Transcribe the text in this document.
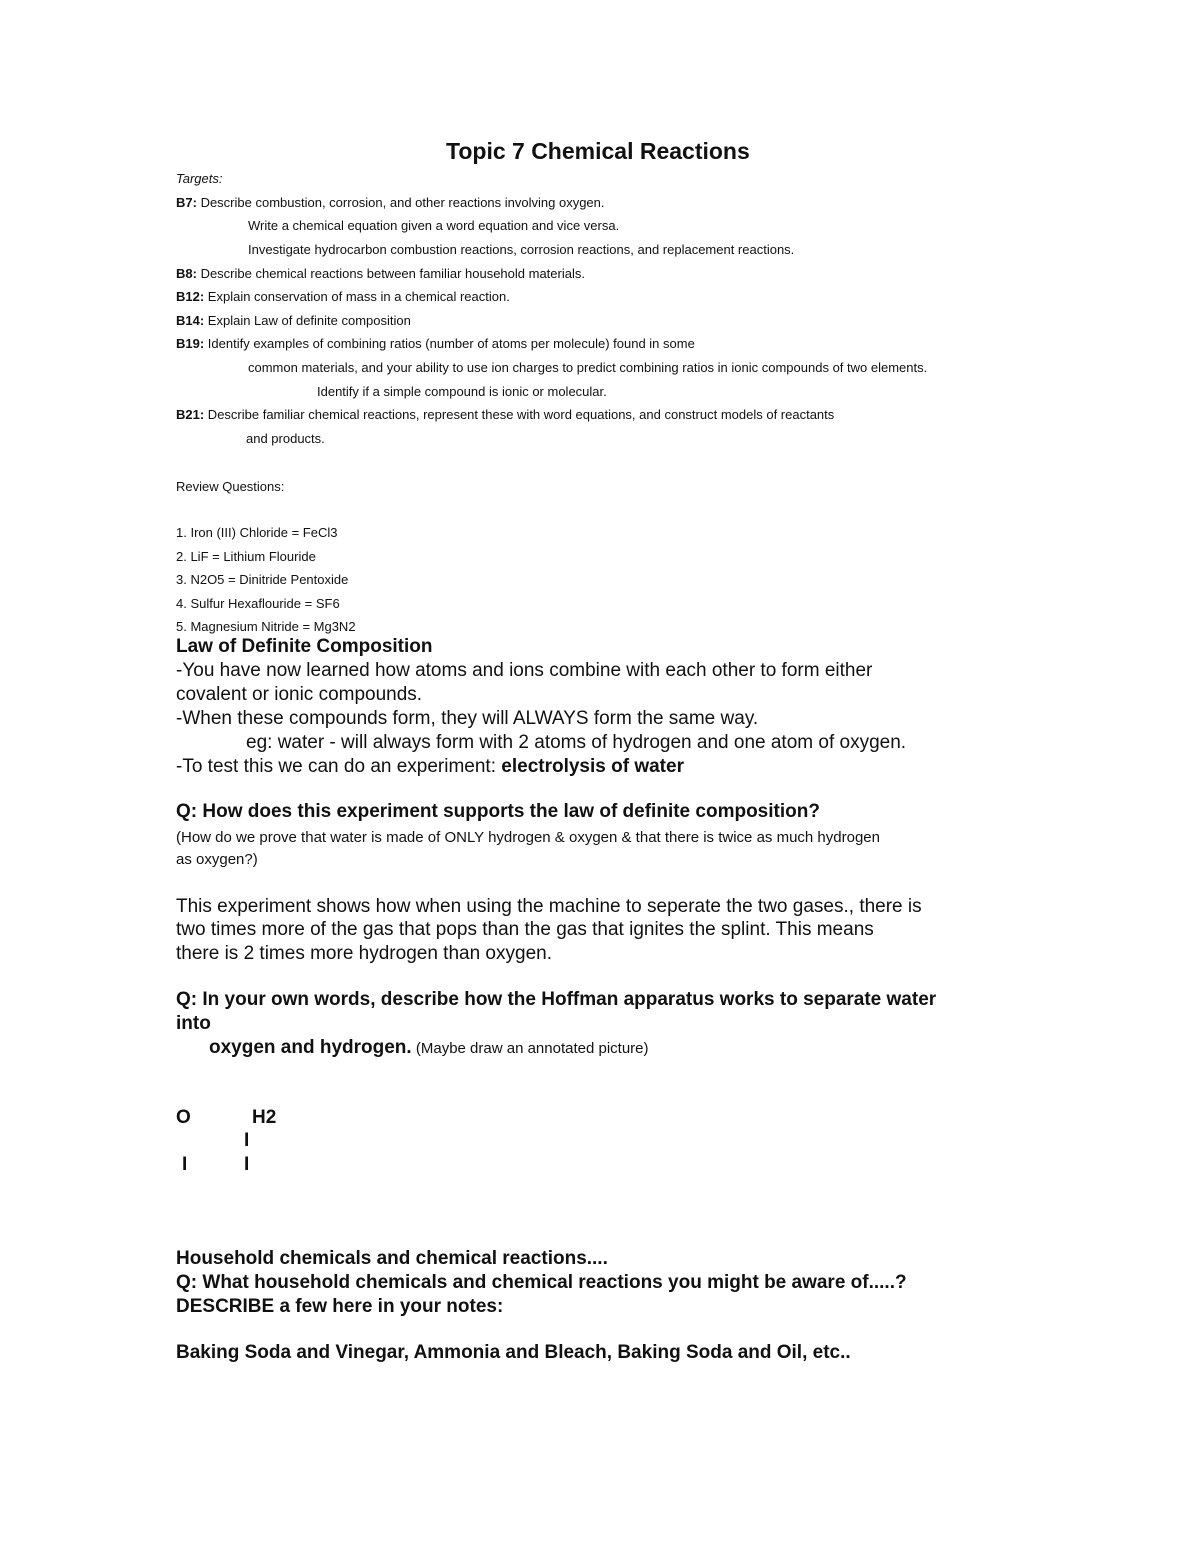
Topic 7 Chemical Reactions
Targets:
B7: Describe combustion, corrosion, and other reactions involving oxygen.
Write a chemical equation given a word equation and vice versa.
Investigate hydrocarbon combustion reactions, corrosion reactions, and replacement reactions.
B8: Describe chemical reactions between familiar household materials.
B12: Explain conservation of mass in a chemical reaction.
B14: Explain Law of definite composition
B19: Identify examples of combining ratios (number of atoms per molecule) found in some
common materials, and your ability to use ion charges to predict combining ratios in ionic compounds of two elements.
Identify if a simple compound is ionic or molecular.
B21: Describe familiar chemical reactions, represent these with word equations, and construct models of reactants
and products.
Review Questions:
1. Iron (III) Chloride = FeCl3
2. LiF = Lithium Flouride
3. N2O5 = Dinitride Pentoxide
4. Sulfur Hexaflouride = SF6
5. Magnesium Nitride = Mg3N2
Law of Definite Composition
-You have now learned how atoms and ions combine with each other to form either
covalent or ionic compounds.
-When these compounds form, they will ALWAYS form the same way.
eg: water - will always form with 2 atoms of hydrogen and one atom of oxygen.
-To test this we can do an experiment: electrolysis of water
Q: How does this experiment supports the law of definite composition?
(How do we prove that water is made of ONLY hydrogen & oxygen & that there is twice as much hydrogen
as oxygen?)
This experiment shows how when using the machine to seperate the two gases., there is
two times more of the gas that pops than the gas that ignites the splint. This means
there is 2 times more hydrogen than oxygen.
Q: In your own words, describe how the Hoffman apparatus works to separate water
into
oxygen and hydrogen. (Maybe draw an annotated picture)
O	H2
I
I	I
Household chemicals and chemical reactions....
Q: What household chemicals and chemical reactions you might be aware of.....?
DESCRIBE a few here in your notes:
Baking Soda and Vinegar, Ammonia and Bleach, Baking Soda and Oil, etc..
